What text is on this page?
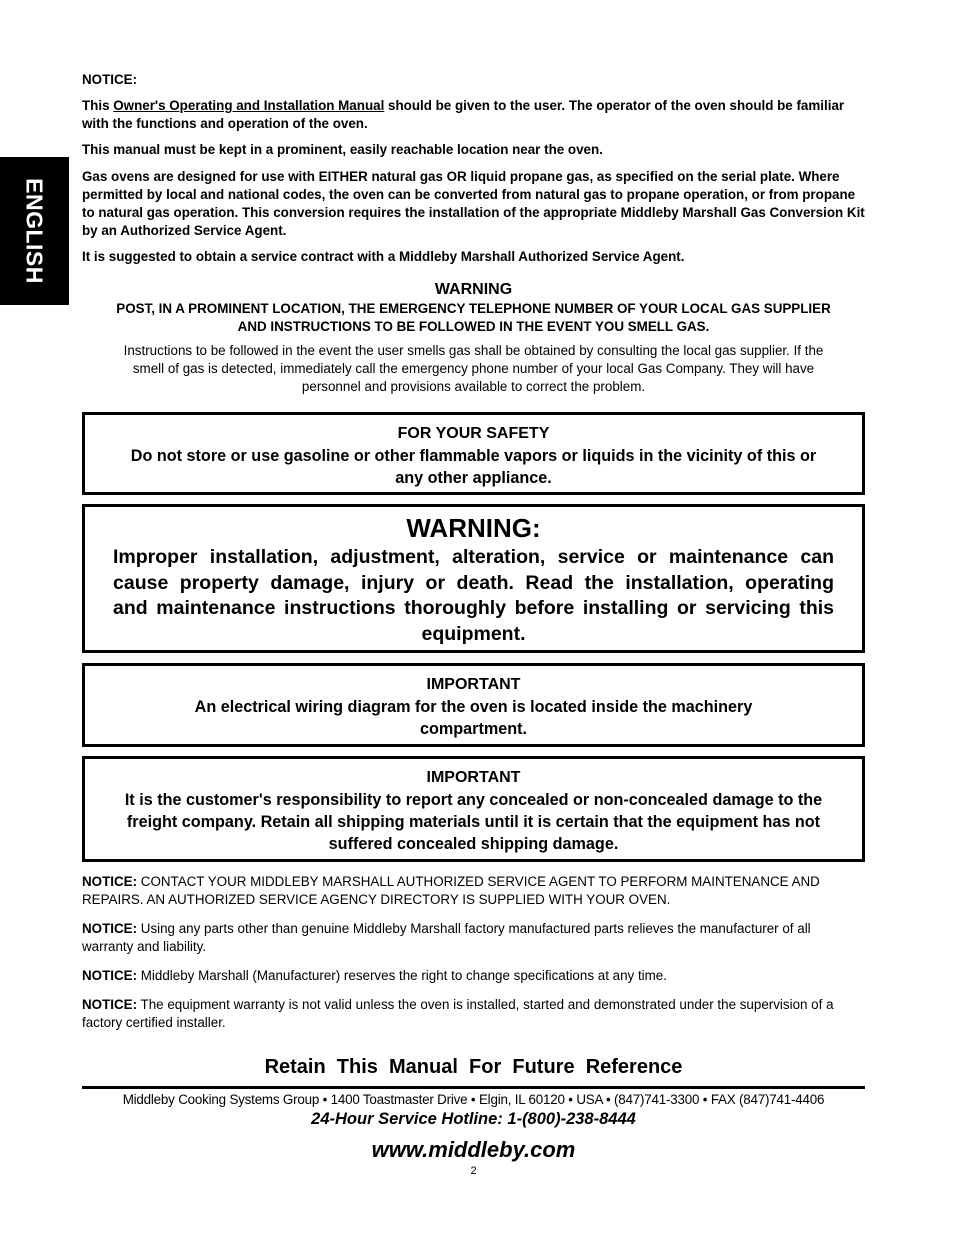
ENGLISH

NOTICE:

This Owner's Operating and Installation Manual should be given to the user. The operator of the oven should be familiar with the functions and operation of the oven.

This manual must be kept in a prominent, easily reachable location near the oven.

Gas ovens are designed for use with EITHER natural gas OR liquid propane gas, as specified on the serial plate. Where permitted by local and national codes, the oven can be converted from natural gas to propane operation, or from propane to natural gas operation. This conversion requires the installation of the appropriate Middleby Marshall Gas Conversion Kit by an Authorized Service Agent.

It is suggested to obtain a service contract with a Middleby Marshall Authorized Service Agent.

WARNING
POST, IN A PROMINENT LOCATION, THE EMERGENCY TELEPHONE NUMBER OF YOUR LOCAL GAS SUPPLIER AND INSTRUCTIONS TO BE FOLLOWED IN THE EVENT YOU SMELL GAS.
Instructions to be followed in the event the user smells gas shall be obtained by consulting the local gas supplier. If the smell of gas is detected, immediately call the emergency phone number of your local Gas Company. They will have personnel and provisions available to correct the problem.
FOR YOUR SAFETY
Do not store or use gasoline or other flammable vapors or liquids in the vicinity of this or any other appliance.
WARNING:
Improper installation, adjustment, alteration, service or maintenance can cause property damage, injury or death. Read the installation, operating and maintenance instructions thoroughly before installing or servicing this equipment.
IMPORTANT
An electrical wiring diagram for the oven is located inside the machinery compartment.
IMPORTANT
It is the customer's responsibility to report any concealed or non-concealed damage to the freight company. Retain all shipping materials until it is certain that the equipment has not suffered concealed shipping damage.

NOTICE: CONTACT YOUR MIDDLEBY MARSHALL AUTHORIZED SERVICE AGENT TO PERFORM MAINTENANCE AND REPAIRS. AN AUTHORIZED SERVICE AGENCY DIRECTORY IS SUPPLIED WITH YOUR OVEN.

NOTICE: Using any parts other than genuine Middleby Marshall factory manufactured parts relieves the manufacturer of all warranty and liability.

NOTICE: Middleby Marshall (Manufacturer) reserves the right to change specifications at any time.

NOTICE: The equipment warranty is not valid unless the oven is installed, started and demonstrated under the supervision of a factory certified installer.

Retain  This  Manual  For  Future  Reference
Middleby Cooking Systems Group • 1400 Toastmaster Drive • Elgin, IL 60120 • USA • (847)741-3300 • FAX (847)741-4406
24-Hour Service Hotline: 1-(800)-238-8444
www.middleby.com
2
